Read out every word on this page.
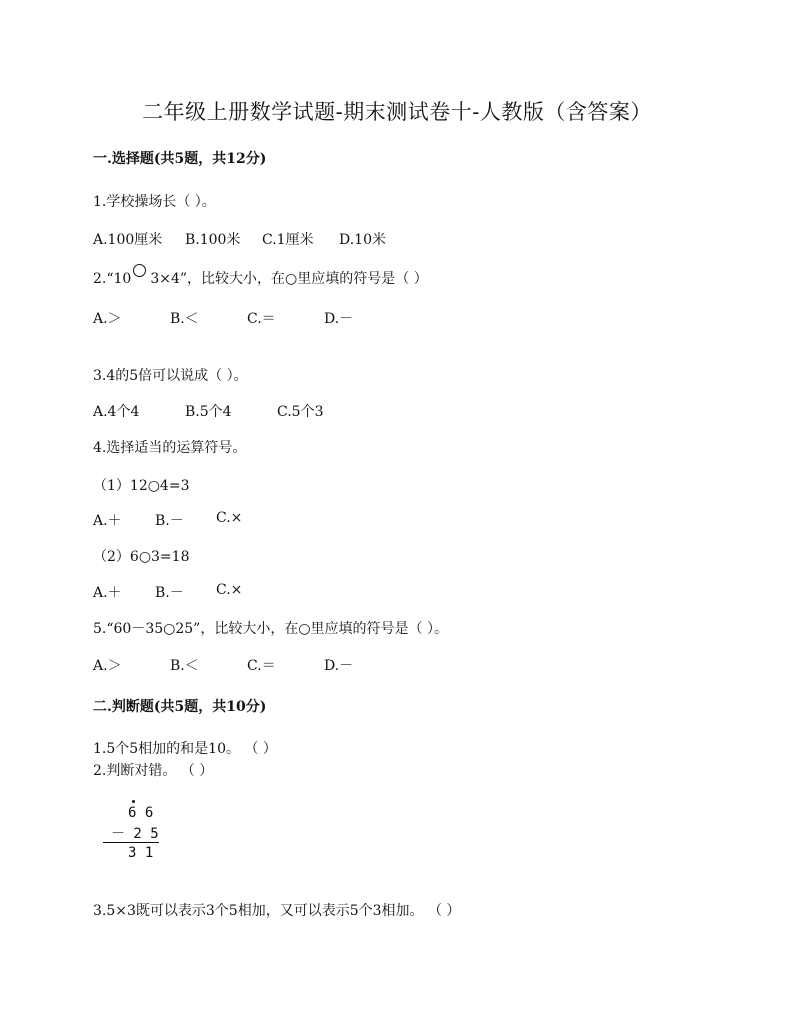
二年级上册数学试题-期末测试卷十-人教版（含答案）
一.选择题(共5题，共12分)
1.学校操场长（ ）。
A.100厘米 B.100米 C.1厘米 D.10米
2.“10 3×4”，比较大小，在○里应填的符号是（ ）
A.＞	B.＜	C.＝	D.－
3.4的5倍可以说成（ ）。
A.4个4	B.5个4	C.5个3
4.选择适当的运算符号。
（1）12○4=3
A.＋ B.－ C.×
（2）6○3=18
A.＋ B.－ C.×
5.“60－35○25”，比较大小，在○里应填的符号是（ ）。
A.＞	B.＜	C.＝	D.－
二.判断题(共5题，共10分)
1.5个5相加的和是10。 （ ）
2.判断对错。 （ ）
6 6
－ 2 5
3 1
3.5×3既可以表示3个5相加，又可以表示5个3相加。 （ ）
